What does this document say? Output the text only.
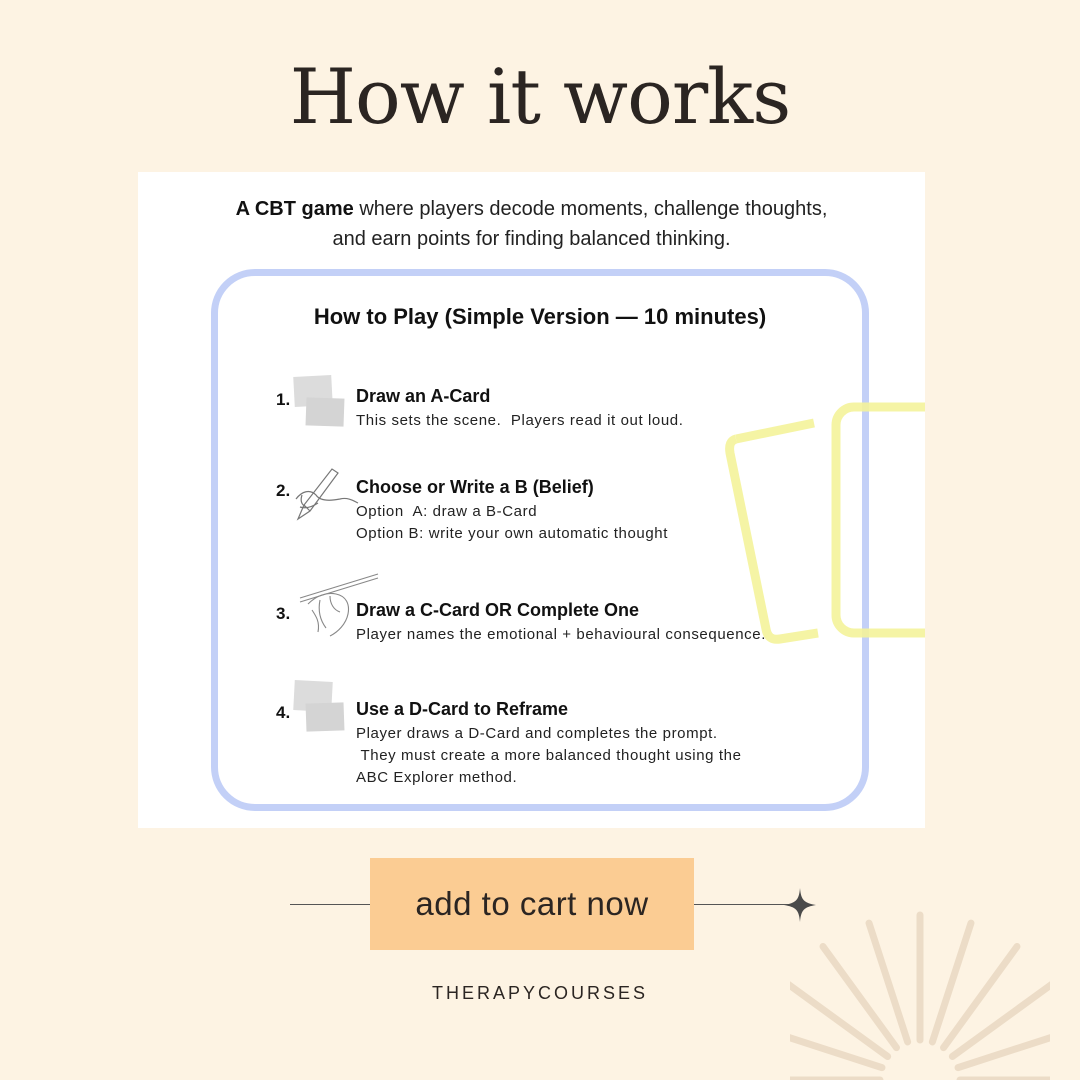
How it works
A CBT game where players decode moments, challenge thoughts,
and earn points for finding balanced thinking.
How to Play (Simple Version — 10 minutes)
1.	Draw an A-Card
This sets the scene.  Players read it out loud.
2.	Choose or Write a B (Belief)
Option  A: draw a B-Card
Option B: write your own automatic thought
3.	Draw a C-Card OR Complete One
Player names the emotional + behavioural consequence.
4.	Use a D-Card to Reframe
Player draws a D-Card and completes the prompt.
They must create a more balanced thought using the
ABC Explorer method.
add to cart now
THERAPYCOURSES
